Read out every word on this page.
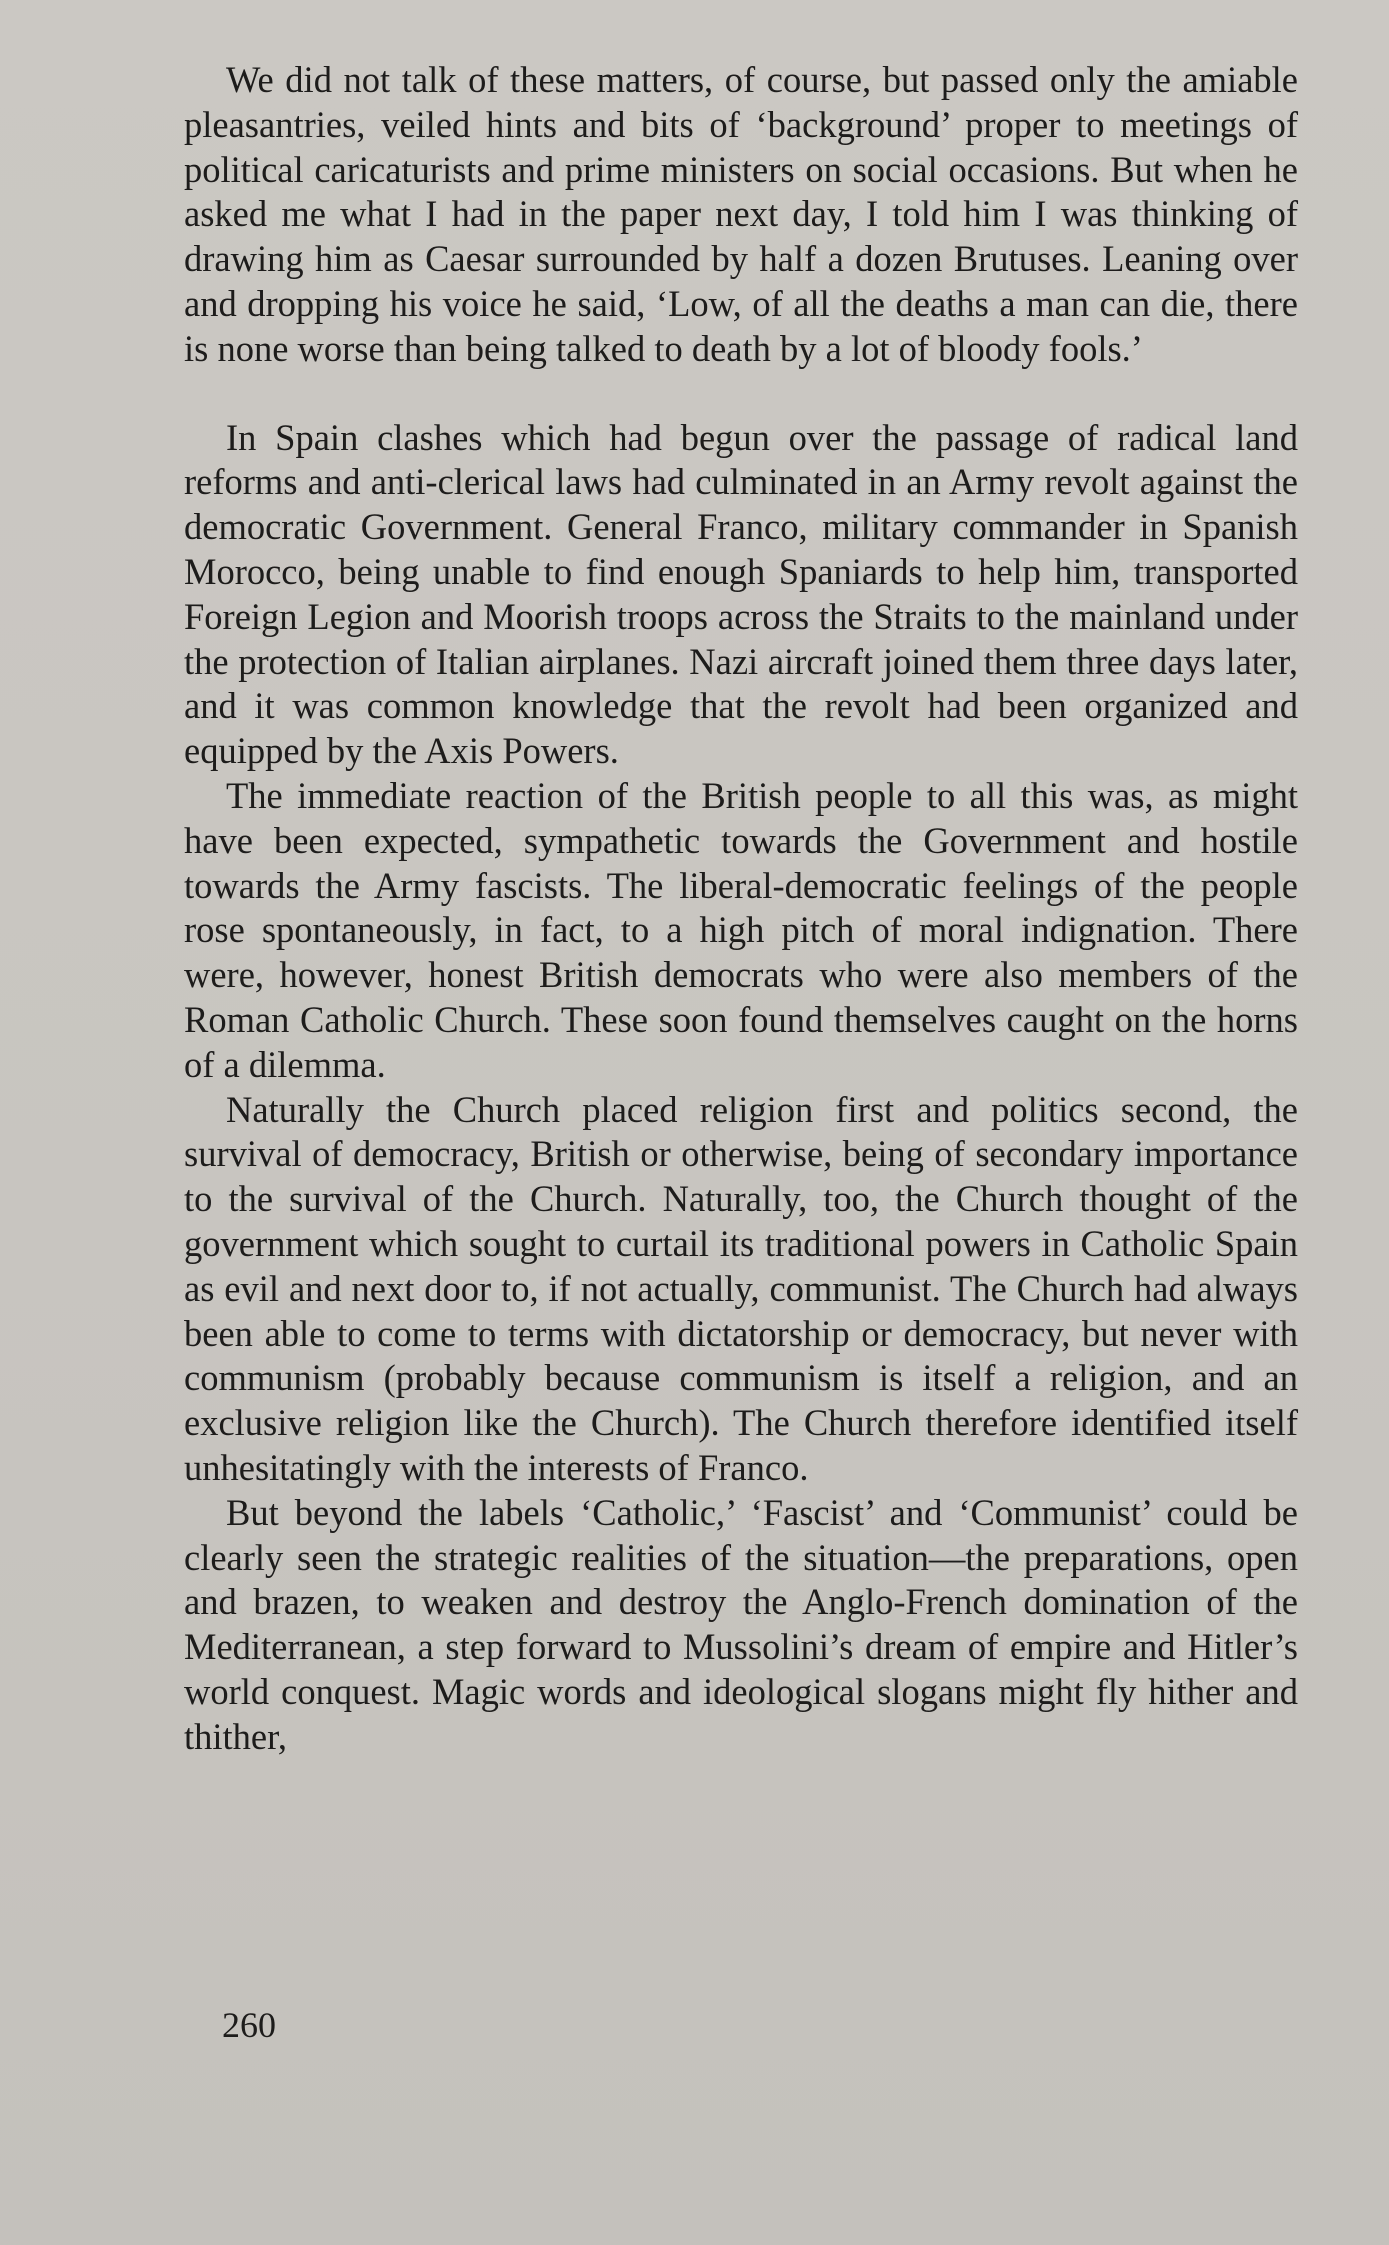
We did not talk of these matters, of course, but passed only the amiable pleasantries, veiled hints and bits of ‘background’ proper to meetings of political caricaturists and prime ministers on social occasions. But when he asked me what I had in the paper next day, I told him I was thinking of drawing him as Caesar surrounded by half a dozen Brutuses. Leaning over and dropping his voice he said, ‘Low, of all the deaths a man can die, there is none worse than being talked to death by a lot of bloody fools.’

In Spain clashes which had begun over the passage of radical land reforms and anti-clerical laws had culminated in an Army revolt against the democratic Government. General Franco, military commander in Spanish Morocco, being unable to find enough Spaniards to help him, transported Foreign Legion and Moorish troops across the Straits to the mainland under the protection of Italian airplanes. Nazi aircraft joined them three days later, and it was common knowledge that the revolt had been organized and equipped by the Axis Powers.

The immediate reaction of the British people to all this was, as might have been expected, sympathetic towards the Government and hostile towards the Army fascists. The liberal-democratic feelings of the people rose spontaneously, in fact, to a high pitch of moral indignation. There were, however, honest British democrats who were also members of the Roman Catholic Church. These soon found themselves caught on the horns of a dilemma.

Naturally the Church placed religion first and politics second, the survival of democracy, British or otherwise, being of secondary importance to the survival of the Church. Naturally, too, the Church thought of the government which sought to curtail its traditional powers in Catholic Spain as evil and next door to, if not actually, communist. The Church had always been able to come to terms with dictatorship or democracy, but never with communism (probably because communism is itself a religion, and an exclusive religion like the Church). The Church therefore identified itself unhesitatingly with the interests of Franco.

But beyond the labels ‘Catholic,’ ‘Fascist’ and ‘Communist’ could be clearly seen the strategic realities of the situation—the preparations, open and brazen, to weaken and destroy the Anglo-French domination of the Mediterranean, a step forward to Mussolini’s dream of empire and Hitler’s world conquest. Magic words and ideological slogans might fly hither and thither,

260
